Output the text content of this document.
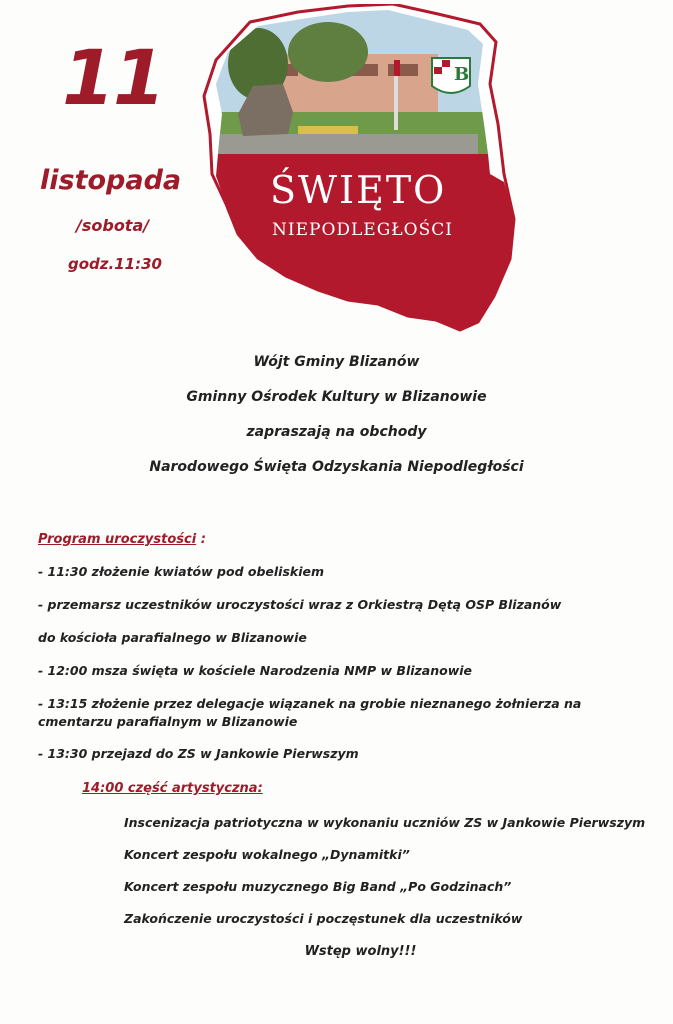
11
listopada
/sobota/
godz.11:30
B
ŚWIĘTO
NIEPODLEGŁOŚCI
Wójt Gminy Blizanów
Gminny Ośrodek Kultury w Blizanowie
zapraszają na obchody
Narodowego Święta Odzyskania Niepodległości
Program uroczystości :
- 11:30 złożenie kwiatów pod obeliskiem
- przemarsz uczestników uroczystości wraz z Orkiestrą Dętą OSP Blizanów
do kościoła parafialnego w Blizanowie
- 12:00 msza święta w kościele Narodzenia NMP w Blizanowie
- 13:15 złożenie przez delegacje wiązanek na grobie nieznanego żołnierza na cmentarzu parafialnym w Blizanowie
- 13:30 przejazd do ZS w Jankowie Pierwszym
14:00 część artystyczna:
Inscenizacja patriotyczna w wykonaniu uczniów ZS w Jankowie Pierwszym
Koncert zespołu wokalnego „Dynamitki”
Koncert zespołu muzycznego Big Band „Po Godzinach”
Zakończenie uroczystości i poczęstunek dla uczestników
Wstęp wolny!!!
